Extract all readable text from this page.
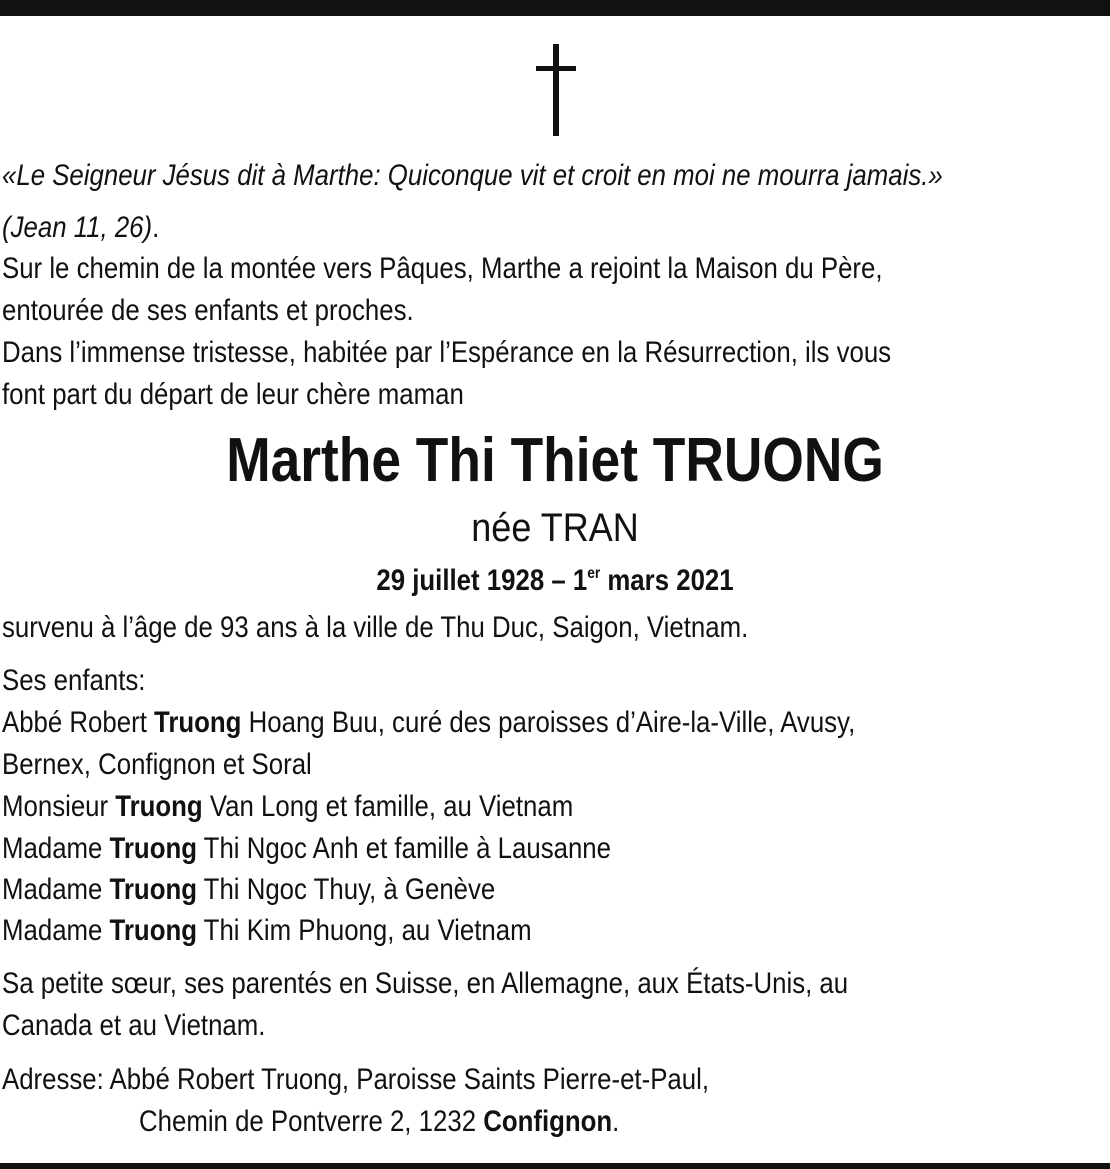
«Le Seigneur Jésus dit à Marthe: Quiconque vit et croit en moi ne mourra jamais.»
(Jean 11, 26).
Sur le chemin de la montée vers Pâques, Marthe a rejoint la Maison du Père,
entourée de ses enfants et proches.
Dans l’immense tristesse, habitée par l’Espérance en la Résurrection, ils vous
font part du départ de leur chère maman
Marthe Thi Thiet TRUONG
née TRAN
29 juillet 1928 – 1er mars 2021
survenu à l’âge de 93 ans à la ville de Thu Duc, Saigon, Vietnam.
Ses enfants:
Abbé Robert Truong Hoang Buu, curé des paroisses d’Aire-la-Ville, Avusy,
Bernex, Confignon et Soral
Monsieur Truong Van Long et famille, au Vietnam
Madame Truong Thi Ngoc Anh et famille à Lausanne
Madame Truong Thi Ngoc Thuy, à Genève
Madame Truong Thi Kim Phuong, au Vietnam
Sa petite sœur, ses parentés en Suisse, en Allemagne, aux États-Unis, au
Canada et au Vietnam.
Adresse: Abbé Robert Truong, Paroisse Saints Pierre-et-Paul,
Chemin de Pontverre 2, 1232 Confignon.
